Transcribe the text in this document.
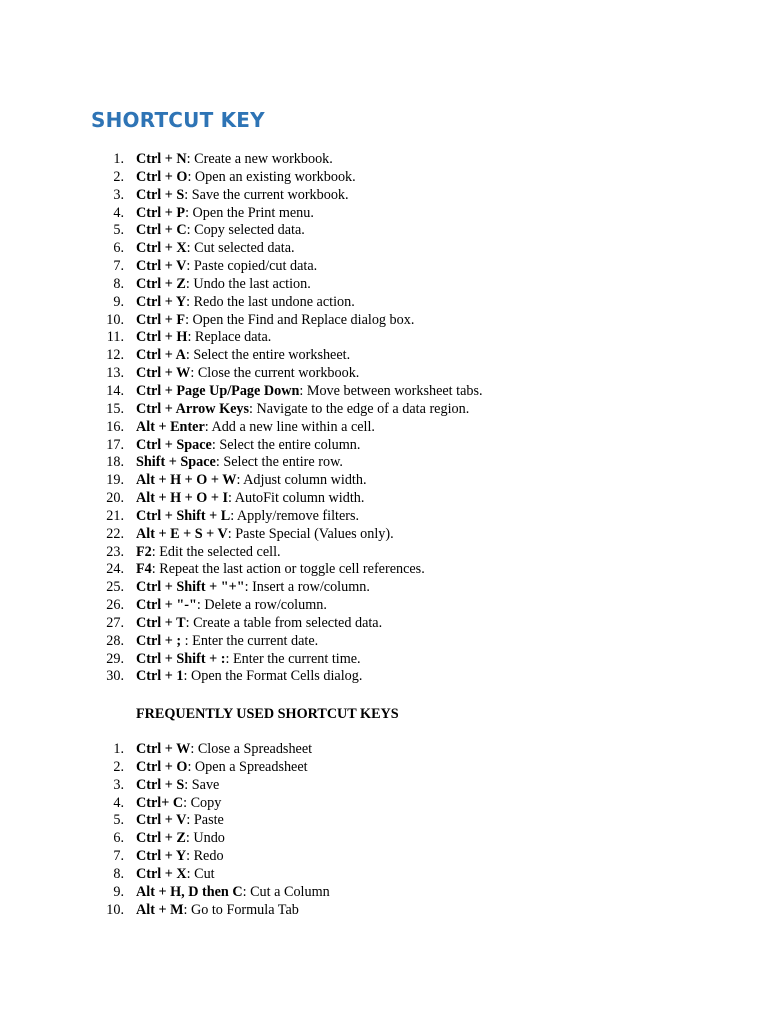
SHORTCUT KEY
1 . Ctrl + N: Create a new workbook.
2 . Ctrl + O: Open an existing workbook.
3 . Ctrl + S: Save the current workbook.
4 . Ctrl + P: Open the Print menu.
5 . Ctrl + C: Copy selected data.
6 . Ctrl + X: Cut selected data.
7 . Ctrl + V: Paste copied/cut data.
8 . Ctrl + Z: Undo the last action.
9 . Ctrl + Y: Redo the last undone action.
10 . Ctrl + F: Open the Find and Replace dialog box.
11 . Ctrl + H: Replace data.
12 . Ctrl + A: Select the entire worksheet.
13 . Ctrl + W: Close the current workbook.
14 . Ctrl + Page Up/Page Down: Move between worksheet tabs.
15 . Ctrl + Arrow Keys: Navigate to the edge of a data region.
16 . Alt + Enter: Add a new line within a cell.
17 . Ctrl + Space: Select the entire column.
18 . Shift + Space: Select the entire row.
19 . Alt + H + O + W: Adjust column width.
20 . Alt + H + O + I: AutoFit column width.
21 . Ctrl + Shift + L: Apply/remove filters.
22 . Alt + E + S + V: Paste Special (Values only).
23 . F2: Edit the selected cell.
24 . F4: Repeat the last action or toggle cell references.
25 . Ctrl + Shift + "+": Insert a row/column.
26 . Ctrl + "-": Delete a row/column.
27 . Ctrl + T: Create a table from selected data.
28 . Ctrl + ; : Enter the current date.
29 . Ctrl + Shift + :: Enter the current time.
30 . Ctrl + 1: Open the Format Cells dialog.
FREQUENTLY USED SHORTCUT KEYS
1 . Ctrl + W: Close a Spreadsheet
2 . Ctrl + O: Open a Spreadsheet
3 . Ctrl + S: Save
4 . Ctrl+ C: Copy
5 . Ctrl + V: Paste
6 . Ctrl + Z: Undo
7 . Ctrl + Y: Redo
8 . Ctrl + X: Cut
9 . Alt + H, D then C: Cut a Column
10 . Alt + M: Go to Formula Tab
